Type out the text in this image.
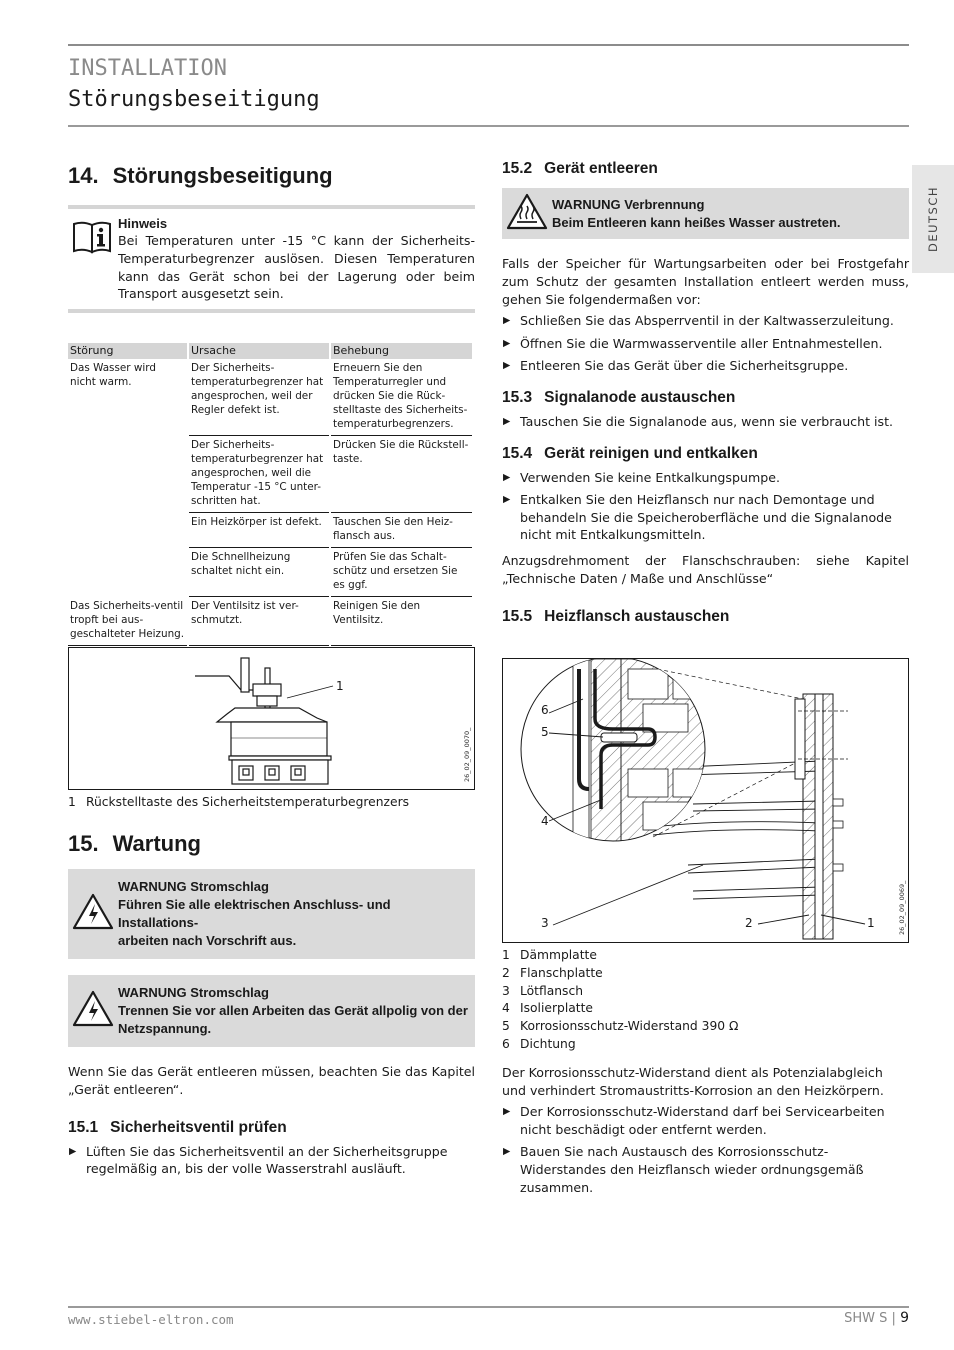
INSTALLATION
Störungsbeseitigung
DEUTSCH
14. Störungsbeseitigung
Hinweis
Bei Temperaturen unter -15 °C kann der Sicherheits-Temperaturbegrenzer auslösen. Diesen Temperaturen kann das Gerät schon bei der Lagerung oder beim Transport ausgesetzt sein.
Störung		Ursache		Behebung
Das Wasser wird nicht warm.		Der Sicherheits-temperaturbegrenzer hat angesprochen, weil der Regler defekt ist.		Erneuern Sie den Temperaturregler und drücken Sie die Rück-stelltaste des Sicherheits-temperaturbegrenzers.
		Der Sicherheits-temperaturbegrenzer hat angesprochen, weil die Temperatur -15 °C unter-schritten hat.		Drücken Sie die Rückstell-taste.
		Ein Heizkörper ist defekt.		Tauschen Sie den Heiz-flansch aus.
		Die Schnellheizung schaltet nicht ein.		Prüfen Sie das Schalt-schütz und ersetzen Sie es ggf.
Das Sicherheits-ventil tropft bei aus-geschalteter Heizung.		Der Ventilsitz ist ver-schmutzt.		Reinigen Sie den Ventilsitz.
1
26_02_09_0070_
1 Rückstelltaste des Sicherheitstemperaturbegrenzers
15. Wartung
WARNUNG Stromschlag
Führen Sie alle elektrischen Anschluss- und Installations-
arbeiten nach Vorschrift aus.
WARNUNG Stromschlag
Trennen Sie vor allen Arbeiten das Gerät allpolig von der
Netzspannung.

Wenn Sie das Gerät entleeren müssen, beachten Sie das Kapitel „Gerät entleeren“.

15.1 Sicherheitsventil prüfen
▶ Lüften Sie das Sicherheitsventil an der Sicherheitsgruppe regelmäßig an, bis der volle Wasserstrahl ausläuft.
15.2 Gerät entleeren
WARNUNG Verbrennung
Beim Entleeren kann heißes Wasser austreten.

Falls der Speicher für Wartungsarbeiten oder bei Frostgefahr zum Schutz der gesamten Installation entleert werden muss, gehen Sie folgendermaßen vor:

▶ Schließen Sie das Absperrventil in der Kaltwasserzuleitung.
▶ Öffnen Sie die Warmwasserventile aller Entnahmestellen.
▶ Entleeren Sie das Gerät über die Sicherheitsgruppe.
15.3 Signalanode austauschen
▶ Tauschen Sie die Signalanode aus, wenn sie verbraucht ist.
15.4 Gerät reinigen und entkalken
▶ Verwenden Sie keine Entkalkungspumpe.
▶ Entkalken Sie den Heizflansch nur nach Demontage und behandeln Sie die Speicheroberfläche und die Signalanode nicht mit Entkalkungsmitteln.

Anzugsdrehmoment der Flanschschrauben: siehe Kapitel „Technische Daten / Maße und Anschlüsse“

15.5 Heizflansch austauschen
6
5
4
3	2	1	26_02_09_0069_
1 Dämmplatte
2 Flanschplatte
3 Lötflansch
4 Isolierplatte
5 Korrosionsschutz-Widerstand 390 Ω
6 Dichtung

Der Korrosionsschutz-Widerstand dient als Potenzialabgleich und verhindert Stromaustritts-Korrosion an den Heizkörpern.

▶ Der Korrosionsschutz-Widerstand darf bei Servicearbeiten nicht beschädigt oder entfernt werden.
▶ Bauen Sie nach Austausch des Korrosionsschutz-Widerstandes den Heizflansch wieder ordnungsgemäß zusammen.
www.stiebel-eltron.com	SHW S | 9
